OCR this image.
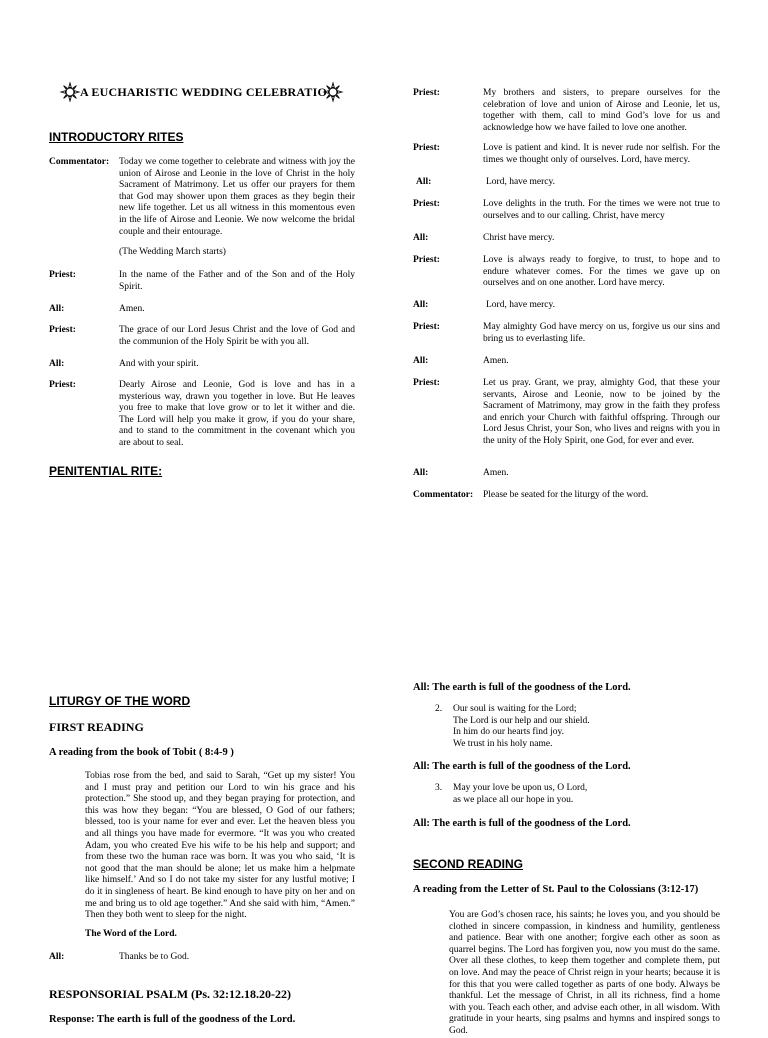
A EUCHARISTIC WEDDING CELEBRATIO
INTRODUCTORY RITES
Commentator:	Today we come together to celebrate and witness with joy the union of Airose and Leonie in the love of Christ in the holy Sacrament of Matrimony. Let us offer our prayers for them that God may shower upon them graces as they begin their new life together. Let us all witness in this momentous even in the life of Airose and Leonie. We now welcome the bridal couple and their entourage.
(The Wedding March starts)
Priest:	In the name of the Father and of the Son and of the Holy Spirit.
All:	Amen.
Priest:	The grace of our Lord Jesus Christ and the love of God and the communion of the Holy Spirit be with you all.
All:	And with your spirit.
Priest:	Dearly Airose and Leonie, God is love and has in a mysterious way, drawn you together in love. But He leaves you free to make that love grow or to let it wither and die. The Lord will help you make it grow, if you do your share, and to stand to the commitment in the covenant which you are about to seal.
PENITENTIAL RITE:
Priest:	My brothers and sisters, to prepare ourselves for the celebration of love and union of Airose and Leonie, let us, together with them, call to mind God’s love for us and acknowledge how we have failed to love one another.
Priest:	Love is patient and kind. It is never rude nor selfish. For the times we thought only of ourselves. Lord, have mercy.
All:	Lord, have mercy.
Priest:	Love delights in the truth. For the times we were not true to ourselves and to our calling. Christ, have mercy
All:	Christ have mercy.
Priest:	Love is always ready to forgive, to trust, to hope and to endure whatever comes. For the times we gave up on ourselves and on one another. Lord have mercy.
All:	Lord, have mercy.
Priest:	May almighty God have mercy on us, forgive us our sins and bring us to everlasting life.
All:	Amen.
Priest:	Let us pray. Grant, we pray, almighty God, that these your servants, Airose and Leonie, now to be joined by the Sacrament of Matrimony, may grow in the faith they profess and enrich your Church with faithful offspring. Through our Lord Jesus Christ, your Son, who lives and reigns with you in the unity of the Holy Spirit, one God, for ever and ever.
All:	Amen.
Commentator:	Please be seated for the liturgy of the word.
LITURGY OF THE WORD
FIRST READING
A reading from the book of Tobit ( 8:4-9 )
Tobias rose from the bed, and said to Sarah, “Get up my sister! You and I must pray and petition our Lord to win his grace and his protection.” She stood up, and they began praying for protection, and this was how they began: “You are blessed, O God of our fathers; blessed, too is your name for ever and ever. Let the heaven bless you and all things you have made for evermore. “It was you who created Adam, you who created Eve his wife to be his help and support; and from these two the human race was born. It was you who said, ‘It is not good that the man should be alone; let us make him a helpmate like himself.’ And so I do not take my sister for any lustful motive; I do it in singleness of heart. Be kind enough to have pity on her and on me and bring us to old age together.” And she said with him, “Amen.” Then they both went to sleep for the night.
The Word of the Lord.
All:	Thanks be to God.
RESPONSORIAL PSALM (Ps. 32:12.18.20-22)
Response: The earth is full of the goodness of the Lord.
All: The earth is full of the goodness of the Lord.
2.	Our soul is waiting for the Lord;
The Lord is our help and our shield.
In him do our hearts find joy.
We trust in his holy name.
All: The earth is full of the goodness of the Lord.
3.	May your love be upon us, O Lord,
as we place all our hope in you.
All: The earth is full of the goodness of the Lord.
SECOND READING
A reading from the Letter of St. Paul to the Colossians (3:12-17)
You are God’s chosen race, his saints; he loves you, and you should be clothed in sincere compassion, in kindness and humility, gentleness and patience. Bear with one another; forgive each other as soon as quarrel begins. The Lord has forgiven you, now you must do the same. Over all these clothes, to keep them together and complete them, put on love. And may the peace of Christ reign in your hearts; because it is for this that you were called together as parts of one body. Always be thankful. Let the message of Christ, in all its richness, find a home with you. Teach each other, and advise each other, in all wisdom. With gratitude in your hearts, sing psalms and hymns and inspired songs to God.
